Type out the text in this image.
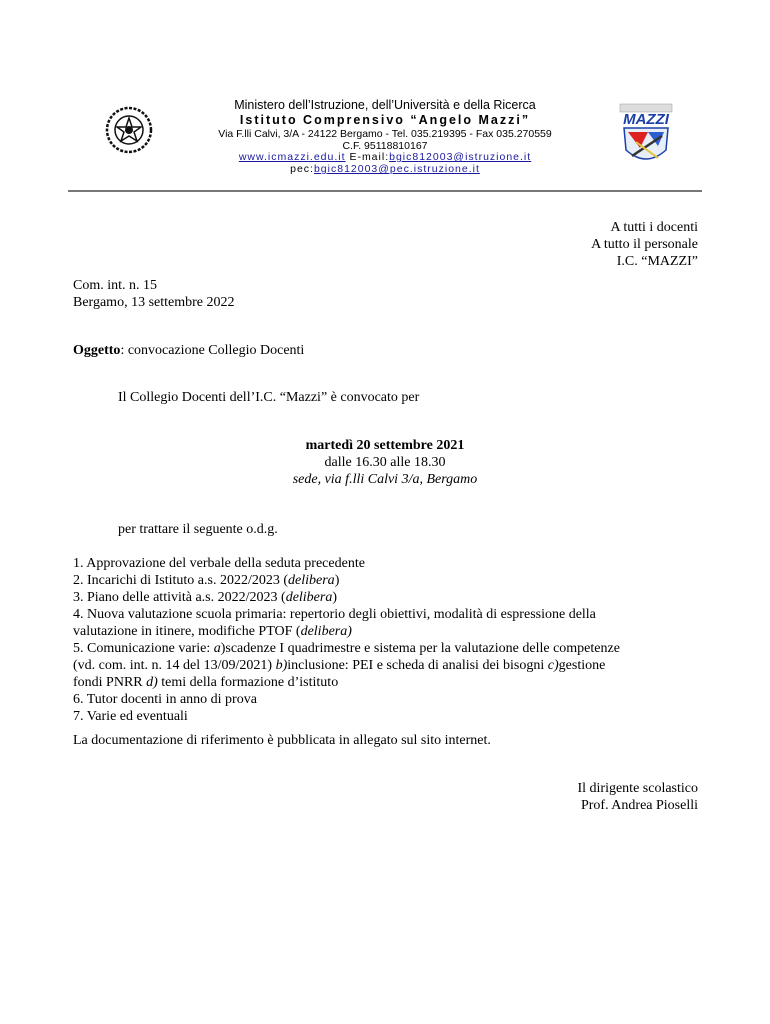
MAZZI
Ministero dell’Istruzione, dell’Università e della Ricerca
Istituto Comprensivo “Angelo Mazzi”
Via F.lli Calvi, 3/A - 24122 Bergamo - Tel. 035.219395 - Fax 035.270559
C.F. 95118810167
www.icmazzi.edu.it E-mail:bgic812003@istruzione.it
pec:bgic812003@pec.istruzione.it
A tutti i docenti
A tutto il personale
I.C. “MAZZI”
Com. int. n. 15
Bergamo, 13 settembre 2022
Oggetto: convocazione Collegio Docenti
Il Collegio Docenti dell’I.C. “Mazzi” è convocato per
martedì 20 settembre 2021
dalle 16.30 alle 18.30
sede, via f.lli Calvi 3/a, Bergamo
per trattare il seguente o.d.g.
1. Approvazione del verbale della seduta precedente
2. Incarichi di Istituto a.s. 2022/2023 (delibera)
3. Piano delle attività a.s. 2022/2023 (delibera)
4. Nuova valutazione scuola primaria: repertorio degli obiettivi, modalità di espressione della
valutazione in itinere, modifiche PTOF (delibera)
5. Comunicazione varie: a)scadenze I quadrimestre e sistema per la valutazione delle competenze
(vd. com. int. n. 14 del 13/09/2021) b)inclusione: PEI e scheda di analisi dei bisogni c)gestione
fondi PNRR d) temi della formazione d’istituto
6. Tutor docenti in anno di prova
7. Varie ed eventuali
La documentazione di riferimento è pubblicata in allegato sul sito internet.
Il dirigente scolastico
Prof. Andrea Pioselli
